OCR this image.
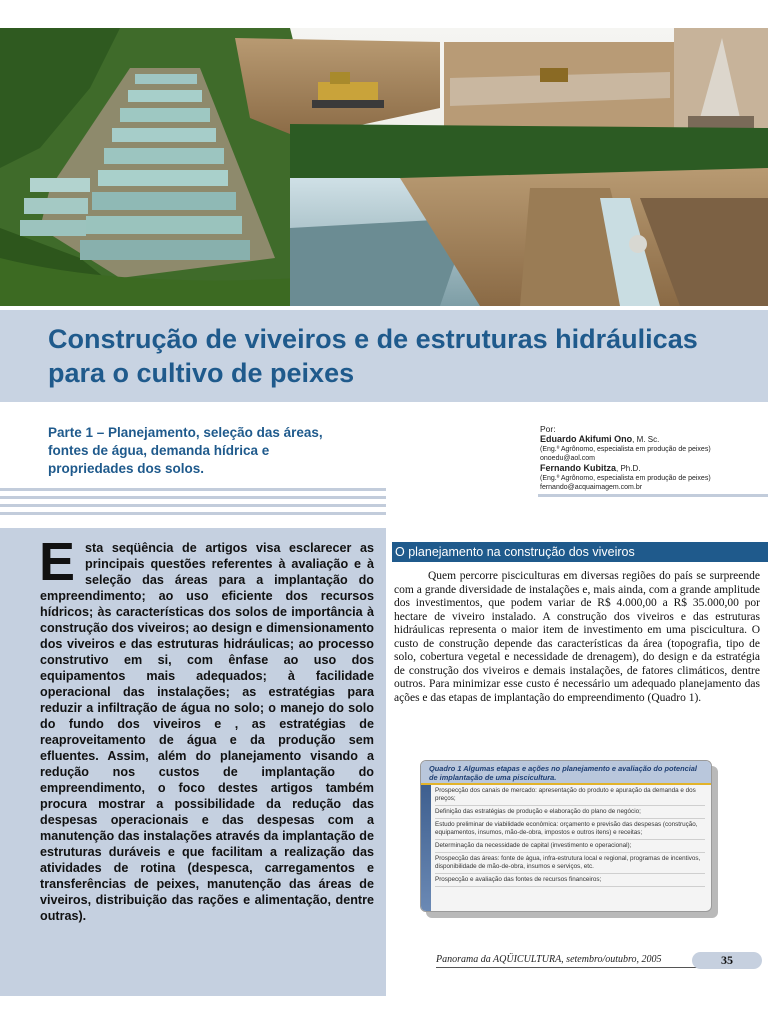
Construção de viveiros e de estruturas hidráulicas para o cultivo de peixes

Parte 1 – Planejamento, seleção das áreas, fontes de água, demanda hídrica e propriedades dos solos.

Por:
Eduardo Akifumi Ono, M. Sc.
(Eng.º Agrônomo, especialista em produção de peixes) onoedu@aol.com
Fernando Kubitza, Ph.D.
(Eng.º Agrônomo, especialista em produção de peixes) fernando@acquaimagem.com.br

Esta seqüência de artigos visa esclarecer as principais questões referentes à avaliação e à seleção das áreas para a implantação do empreendimento; ao uso eficiente dos recursos hídricos; às características dos solos de importância à construção dos viveiros; ao design e dimensionamento dos viveiros e das estruturas hidráulicas; ao processo construtivo em si, com ênfase ao uso dos equipamentos mais adequados; à facilidade operacional das instalações; as estratégias para reduzir a infiltração de água no solo; o manejo do solo do fundo dos viveiros e , as estratégias de reaproveitamento de água e da produção sem efluentes. Assim, além do planejamento visando a redução nos custos de implantação do empreendimento, o foco destes artigos também procura mostrar a possibilidade da redução das despesas operacionais e das despesas com a manutenção das instalações através da implantação de estruturas duráveis e que facilitam a realização das atividades de rotina (despesca, carregamentos e transferências de peixes, manutenção das áreas de viveiros, distribuição das rações e alimentação, dentre outras).

O planejamento na construção dos viveiros

Quem percorre pisciculturas em diversas regiões do país se surpreende com a grande diversidade de instalações e, mais ainda, com a grande amplitude dos investimentos, que podem variar de R$ 4.000,00 a R$ 35.000,00 por hectare de viveiro instalado. A construção dos viveiros e das estruturas hidráulicas representa o maior item de investimento em uma piscicultura. O custo de construção depende das características da área (topografia, tipo de solo, cobertura vegetal e necessidade de drenagem), do design e da estratégia de construção dos viveiros e demais instalações, de fatores climáticos, dentre outros. Para minimizar esse custo é necessário um adequado planejamento das ações e das etapas de implantação do empreendimento (Quadro 1).

Quadro 1 Algumas etapas e ações no planejamento e avaliação do potencial de implantação de uma piscicultura.
Prospecção dos canais de mercado: apresentação do produto e apuração da demanda e dos preços;
Definição das estratégias de produção e elaboração do plano de negócio;
Estudo preliminar de viabilidade econômica: orçamento e previsão das despesas (construção, equipamentos, insumos, mão-de-obra, impostos e outros itens) e receitas;
Determinação da necessidade de capital (investimento e operacional);
Prospecção das áreas: fonte de água, infra-estrutura local e regional, programas de incentivos, disponibilidade de mão-de-obra, insumos e serviços, etc.
Prospecção e avaliação das fontes de recursos financeiros;
Panorama da AQÜICULTURA, setembro/outubro, 2005	35
